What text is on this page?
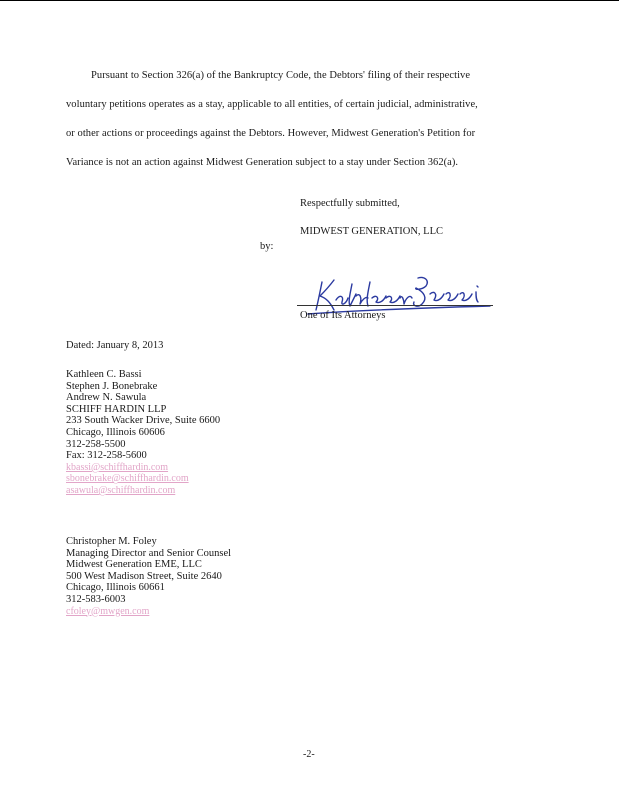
Pursuant to Section 326(a) of the Bankruptcy Code, the Debtors' filing of their respective
voluntary petitions operates as a stay, applicable to all entities, of certain judicial, administrative,
or other actions or proceedings against the Debtors. However, Midwest Generation's Petition for
Variance is not an action against Midwest Generation subject to a stay under Section 362(a).
Respectfully submitted,
MIDWEST GENERATION, LLC
by:
One of Its Attorneys
Dated: January 8, 2013
Kathleen C. Bassi
Stephen J. Bonebrake
Andrew N. Sawula
SCHIFF HARDIN LLP
233 South Wacker Drive, Suite 6600
Chicago, Illinois 60606
312-258-5500
Fax: 312-258-5600
kbassi@schiffhardin.com
sbonebrake@schiffhardin.com
asawula@schiffhardin.com
Christopher M. Foley
Managing Director and Senior Counsel
Midwest Generation EME, LLC
500 West Madison Street, Suite 2640
Chicago, Illinois 60661
312-583-6003
cfoley@mwgen.com
-2-
